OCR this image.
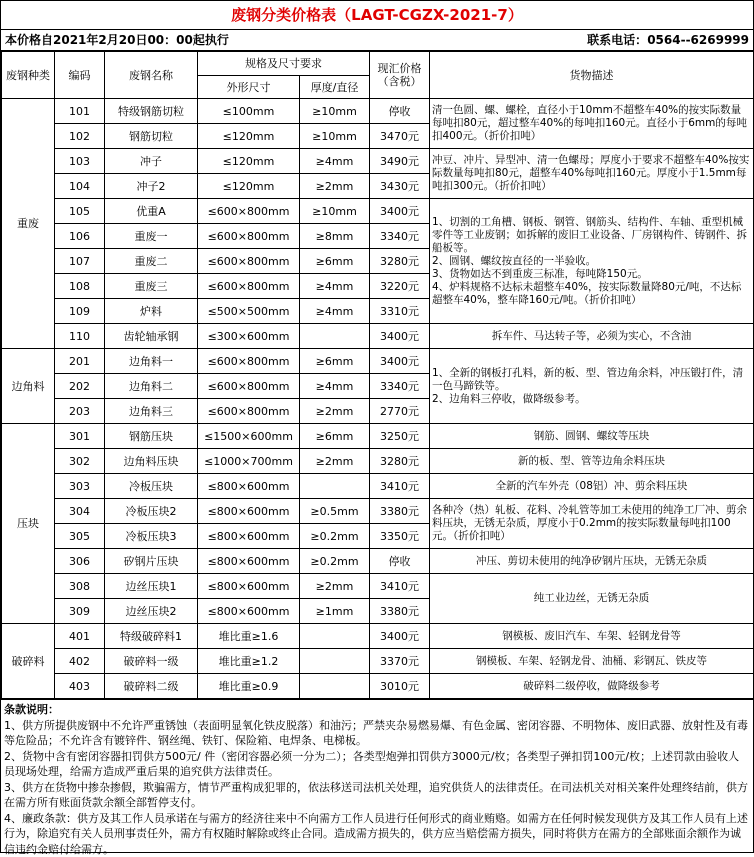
废钢分类价格表（LAGT-CGZX-2021-7）
本价格自2021年2月20日00：00起执行	联系电话：0564--6269999
废钢种类	编码	废钢名称	规格及尺寸要求		现汇价格（含税）	货物描述
			外形尺寸	厚度/直径		
重废	101	特级钢筋切粒	≤100mm	≥10mm	停收	清一色圆、螺、螺栓，直径小于10mm不超整车40%的按实际数量每吨扣80元，超过整车40%的每吨扣160元。直径小于6mm的每吨扣400元。（折价扣吨）
	102	钢筋切粒	≤120mm	≥10mm	3470元	
	103	冲子	≤120mm	≥4mm	3490元	冲豆、冲片、异型冲、清一色螺母；厚度小于要求不超整车40%按实际数量每吨扣80元，超整车40%每吨扣160元。厚度小于1.5mm每吨扣300元。（折价扣吨）
	104	冲子2	≤120mm	≥2mm	3430元	
	105	优重A	≤600×800mm	≥10mm	3400元	1、切割的工角槽、钢板、钢管、钢筋头、结构件、车轴、重型机械零件等工业废钢；如拆解的废旧工业设备、厂房钢构件、铸钢件、拆船板等。
2、圆钢、螺纹按直径的一半验收。
3、货物如达不到重废三标准，每吨降150元。
4、炉料规格不达标未超整车40%，按实际数量降80元/吨，不达标超整车40%，整车降160元/吨。（折价扣吨）

	106	重废一	≤600×800mm	≥8mm	3340元	
	107	重废二	≤600×800mm	≥6mm	3280元	
	108	重废三	≤600×800mm	≥4mm	3220元	
	109	炉料	≤500×500mm	≥4mm	3310元	
	110	齿轮轴承钢	≤300×600mm		3400元	拆车件、马达转子等，必须为实心，不含油
边角料	201	边角料一	≤600×800mm	≥6mm	3400元	1、全新的钢板打孔料，新的板、型、管边角余料，冲压锻打件，清一色马蹄铁等。
2、边角料三停收，做降级参考。

	202	边角料二	≤600×800mm	≥4mm	3340元	
	203	边角料三	≤600×800mm	≥2mm	2770元	
压块	301	钢筋压块	≤1500×600mm	≥6mm	3250元	钢筋、圆钢、螺纹等压块
	302	边角料压块	≤1000×700mm	≥2mm	3280元	新的板、型、管等边角余料压块
	303	冷板压块	≤800×600mm		3410元	全新的汽车外壳（08铝）冲、剪余料压块
	304	冷板压块2	≤800×600mm	≥0.5mm	3380元	各种冷（热）轧板、花料、冷轧管等加工未使用的纯净工厂冲、剪余料压块，无锈无杂质，厚度小于0.2mm的按实际数量每吨扣100元。（折价扣吨）
	305	冷板压块3	≤800×600mm	≥0.2mm	3350元	
	306	矽钢片压块	≤800×600mm	≥0.2mm	停收	冲压、剪切未使用的纯净矽钢片压块，无锈无杂质
	308	边丝压块1	≤800×600mm	≥2mm	3410元	纯工业边丝，无锈无杂质
	309	边丝压块2	≤800×600mm	≥1mm	3380元	
破碎料	401	特级破碎料1	堆比重≥1.6		3400元	钢模板、废旧汽车、车架、轻钢龙骨等
	402	破碎料一级	堆比重≥1.2		3370元	钢模板、车架、轻钢龙骨、油桶、彩钢瓦、铁皮等
	403	破碎料二级	堆比重≥0.9		3010元	破碎料二级停收，做降级参考

条款说明：

1、供方所提供废钢中不允许严重锈蚀（表面明显氧化铁皮脱落）和油污；严禁夹杂易燃易爆、有色金属、密闭容器、不明物体、废旧武器、放射性及有毒等危险品；不允许含有镀锌件、钢丝绳、铁钉、保险箱、电焊条、电梯板。

2、货物中含有密闭容器扣罚供方500元/ 件（密闭容器必须一分为二）；各类型炮弹扣罚供方3000元/枚；各类型子弹扣罚100元/枚；上述罚款由验收人员现场处理，给需方造成严重后果的追究供方法律责任。

3、供方在货物中掺杂掺假，欺骗需方，情节严重构成犯罪的，依法移送司法机关处理，追究供货人的法律责任。在司法机关对相关案件处理终结前，供方在需方所有账面货款余额全部暂停支付。

4、廉政条款：供方及其工作人员承诺在与需方的经济往来中不向需方工作人员进行任何形式的商业贿赂。如需方在任何时候发现供方及其工作人员有上述行为，除追究有关人员刑事责任外，需方有权随时解除或终止合同。造成需方损失的，供方应当赔偿需方损失，同时将供方在需方的全部账面余额作为诚信违约金赔付给需方。
